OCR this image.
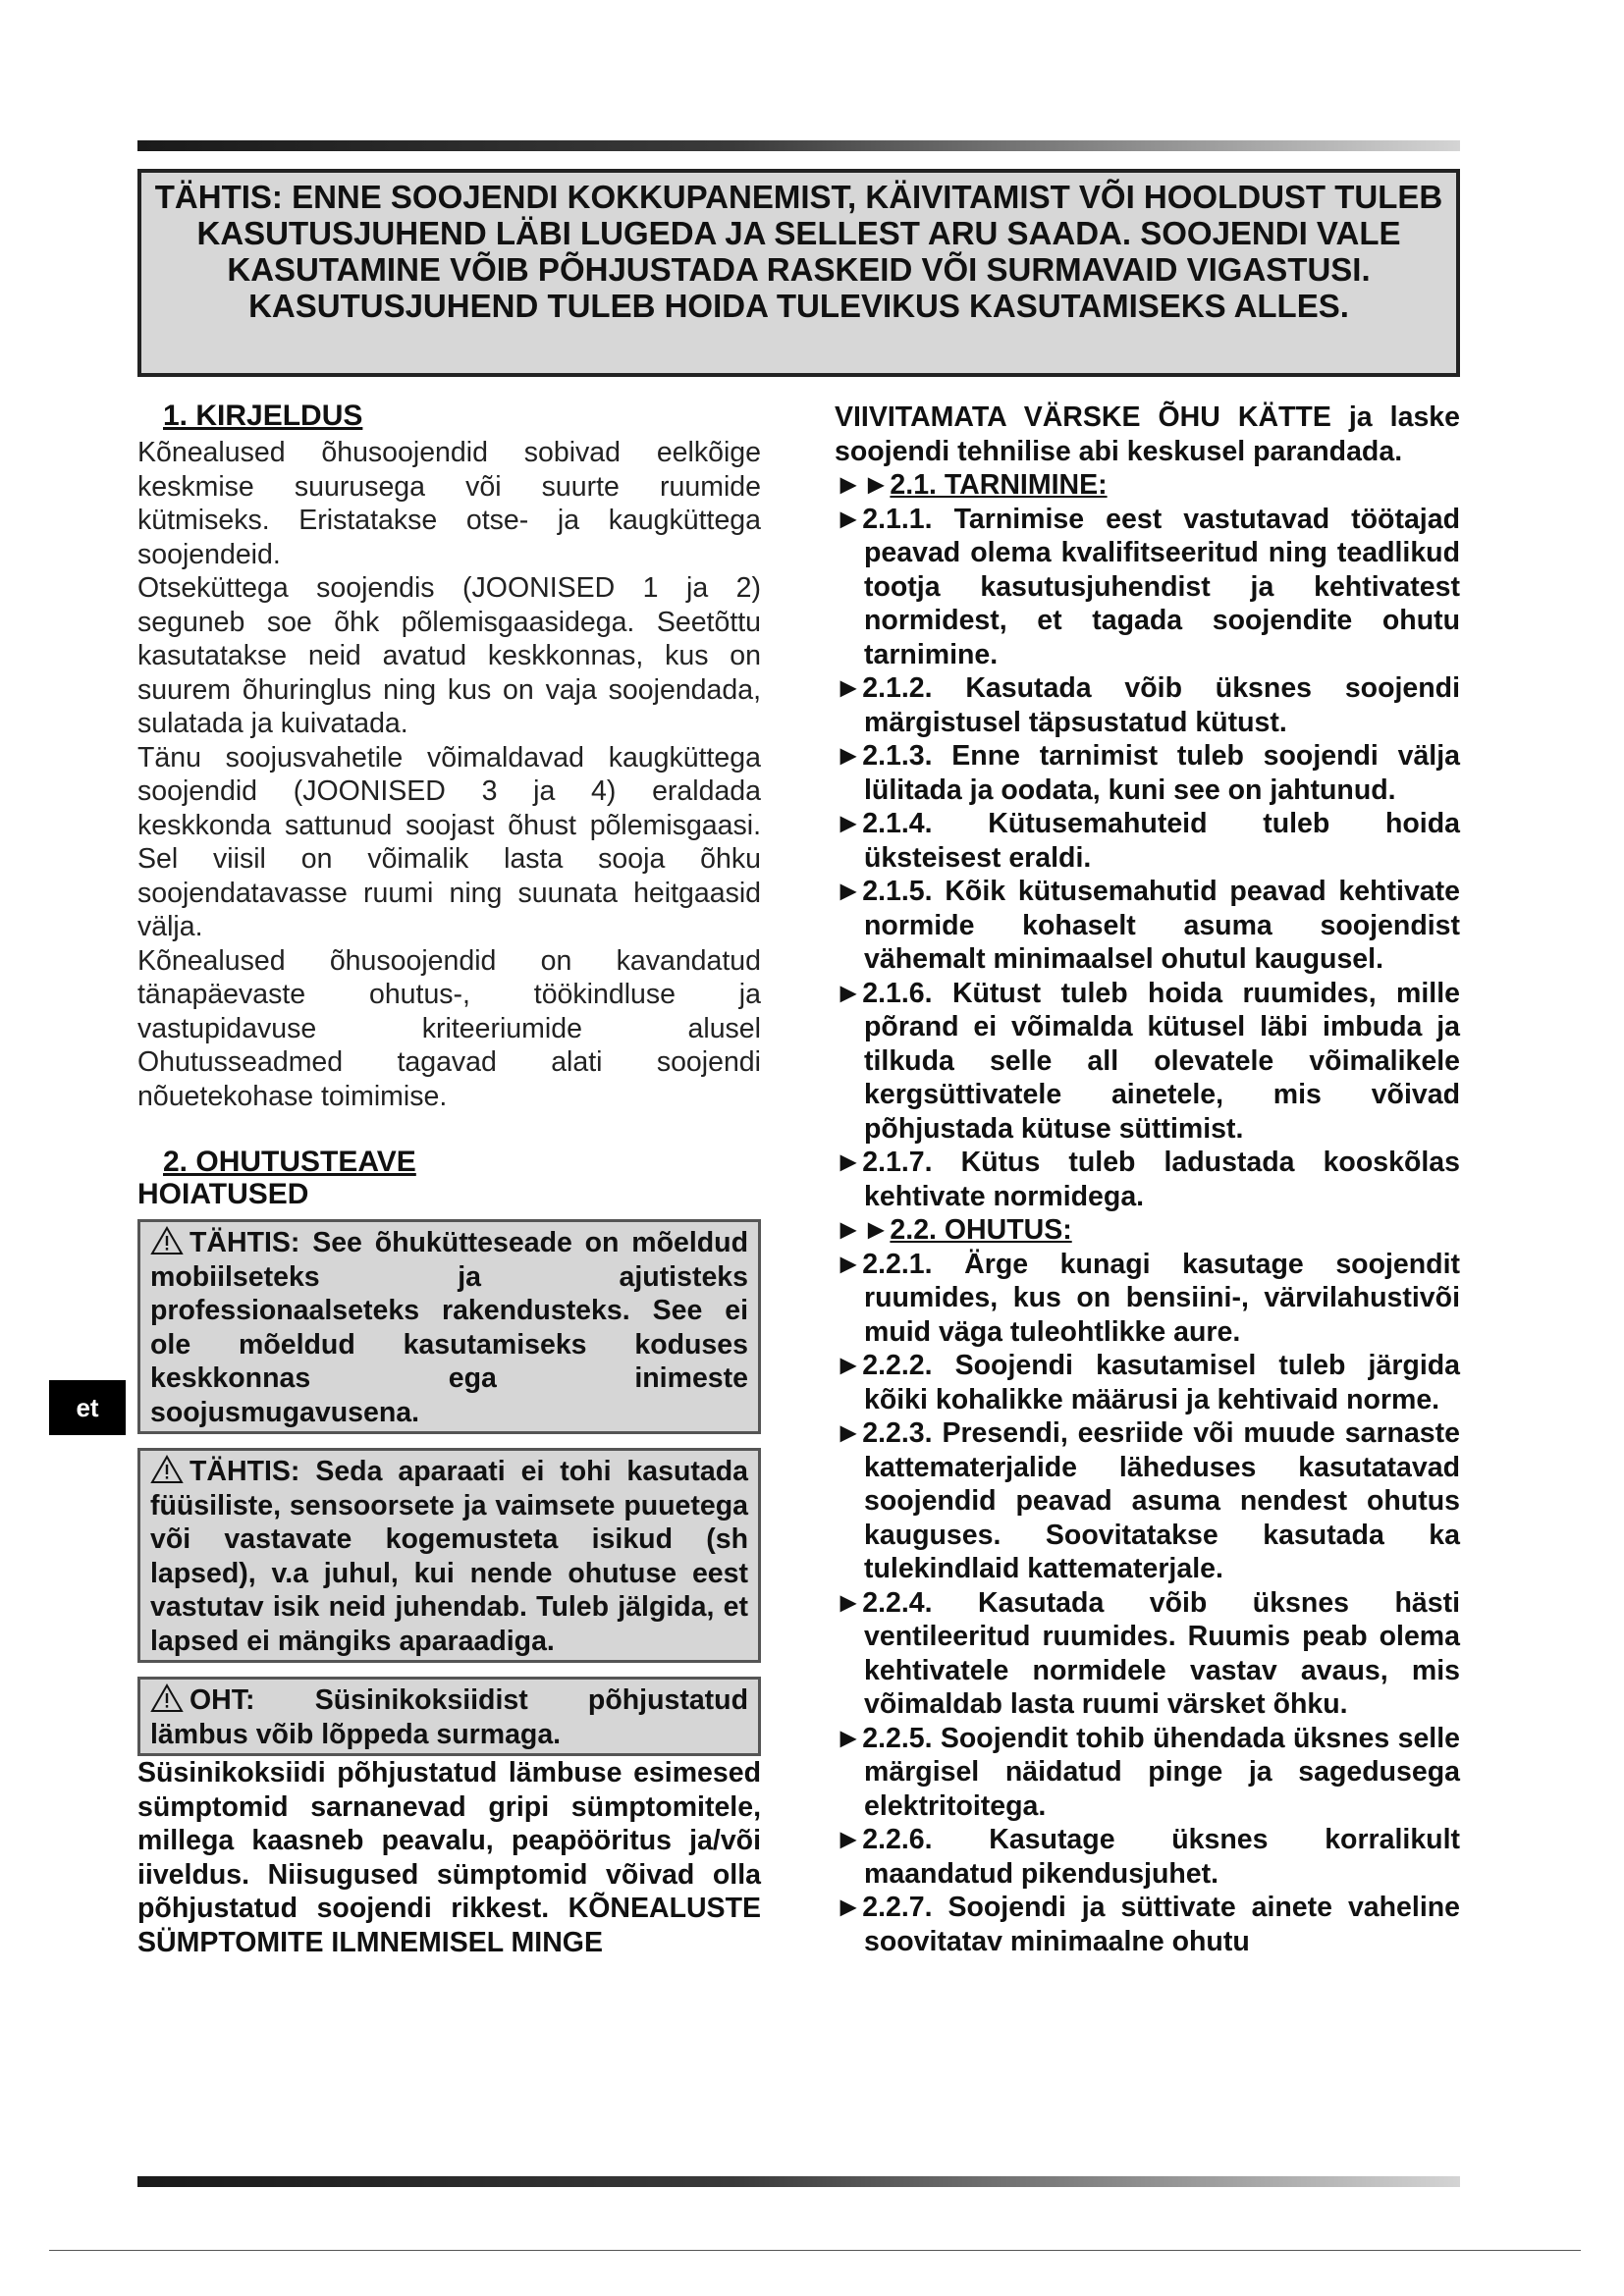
TÄHTIS: ENNE SOOJENDI KOKKUPANEMIST, KÄIVITAMIST VÕI HOOLDUST TULEB KASUTUSJUHEND LÄBI LUGEDA JA SELLEST ARU SAADA. SOOJENDI VALE KASUTAMINE VÕIB PÕHJUSTADA RASKEID VÕI SURMAVAID VIGASTUSI. KASUTUSJUHEND TULEB HOIDA TULEVIKUS KASUTAMISEKS ALLES.
et
1. KIRJELDUS

Kõnealused õhusoojendid sobivad eelkõige keskmise suurusega või suurte ruumide kütmiseks. Eristatakse otse- ja kaugküttega soojendeid.

Otseküttega soojendis (JOONISED 1 ja 2) seguneb soe õhk põlemisgaasidega. Seetõttu kasutatakse neid avatud keskkonnas, kus on suurem õhuringlus ning kus on vaja soojendada, sulatada ja kuivatada.

Tänu soojusvahetile võimaldavad kaugküttega soojendid (JOONISED 3 ja 4) eraldada keskkonda sattunud soojast õhust põlemisgaasi. Sel viisil on võimalik lasta sooja õhku soojendatavasse ruumi ning suunata heitgaasid välja.

Kõnealused õhusoojendid on kavandatud tänapäevaste ohutus-, töökindluse ja vastupidavuse kriteeriumide alusel Ohutusseadmed tagavad alati soojendi nõuetekohase toimimise.

2. OHUTUSTEAVE
HOIATUSED
TÄHTIS: See õhukütteseade on mõeldud mobiilseteks ja ajutisteks professionaalseteks rakendusteks. See ei ole mõeldud kasutamiseks koduses keskkonnas ega inimeste soojusmugavusena.
TÄHTIS: Seda aparaati ei tohi kasutada füüsiliste, sensoorsete ja vaimsete puuetega või vastavate kogemusteta isikud (sh lapsed), v.a juhul, kui nende ohutuse eest vastutav isik neid juhendab. Tuleb jälgida, et lapsed ei mängiks aparaadiga.
OHT: Süsinikoksiidist põhjustatud lämbus võib lõppeda surmaga.

Süsinikoksiidi põhjustatud lämbuse esimesed sümptomid sarnanevad gripi sümptomitele, millega kaasneb peavalu, peapööritus ja/või iiveldus. Niisugused sümptomid võivad olla põhjustatud soojendi rikkest. KÕNEALUSTE SÜMPTOMITE ILMNEMISEL MINGE

VIIVITAMATA VÄRSKE ÕHU KÄTTE ja laske soojendi tehnilise abi keskusel parandada.

►►2.1. TARNIMINE:
►2.1.1. Tarnimise eest vastutavad töötajad peavad olema kvalifitseeritud ning teadlikud tootja kasutusjuhendist ja kehtivatest normidest, et tagada soojendite ohutu tarnimine.
►2.1.2. Kasutada võib üksnes soojendi märgistusel täpsustatud kütust.
►2.1.3. Enne tarnimist tuleb soojendi välja lülitada ja oodata, kuni see on jahtunud.
►2.1.4. Kütusemahuteid tuleb hoida üksteisest eraldi.
►2.1.5. Kõik kütusemahutid peavad kehtivate normide kohaselt asuma soojendist vähemalt minimaalsel ohutul kaugusel.
►2.1.6. Kütust tuleb hoida ruumides, mille põrand ei võimalda kütusel läbi imbuda ja tilkuda selle all olevatele võimalikele kergsüttivatele ainetele, mis võivad põhjustada kütuse süttimist.
►2.1.7. Kütus tuleb ladustada kooskõlas kehtivate normidega.
►►2.2. OHUTUS:
►2.2.1. Ärge kunagi kasutage soojendit ruumides, kus on bensiini-, värvilahustivõi muid väga tuleohtlikke aure.
►2.2.2. Soojendi kasutamisel tuleb järgida kõiki kohalikke määrusi ja kehtivaid norme.
►2.2.3. Presendi, eesriide või muude sarnaste kattematerjalide läheduses kasutatavad soojendid peavad asuma nendest ohutus kauguses. Soovitatakse kasutada ka tulekindlaid kattematerjale.
►2.2.4. Kasutada võib üksnes hästi ventileeritud ruumides. Ruumis peab olema kehtivatele normidele vastav avaus, mis võimaldab lasta ruumi värsket õhku.
►2.2.5. Soojendit tohib ühendada üksnes selle märgisel näidatud pinge ja sagedusega elektritoitega.
►2.2.6. Kasutage üksnes korralikult maandatud pikendusjuhet.
►2.2.7. Soojendi ja süttivate ainete vaheline soovitatav minimaalne ohutu
